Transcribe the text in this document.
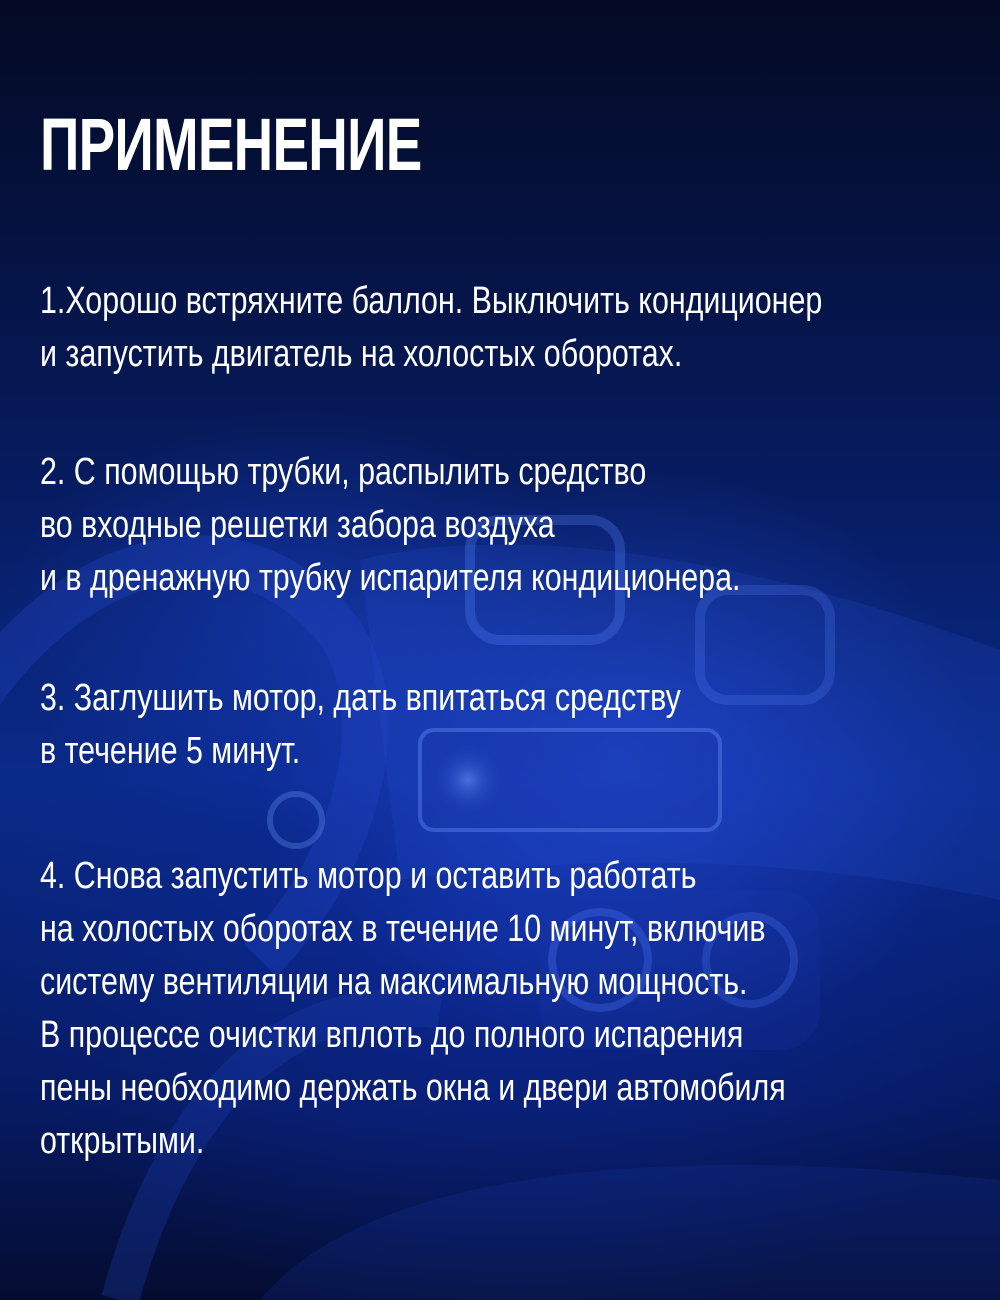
ПРИМЕНЕНИЕ

1.Хорошо встряхните баллон. Выключить кондиционер
и запустить двигатель на холостых оборотах.

2. С помощью трубки, распылить средство
во входные решетки забора воздуха
и в дренажную трубку испарителя кондиционера.

3. Заглушить мотор, дать впитаться средству
в течение 5 минут.

4. Снова запустить мотор и оставить работать
на холостых оборотах в течение 10 минут, включив
систему вентиляции на максимальную мощность.
В процессе очистки вплоть до полного испарения
пены необходимо держать окна и двери автомобиля
открытыми.
